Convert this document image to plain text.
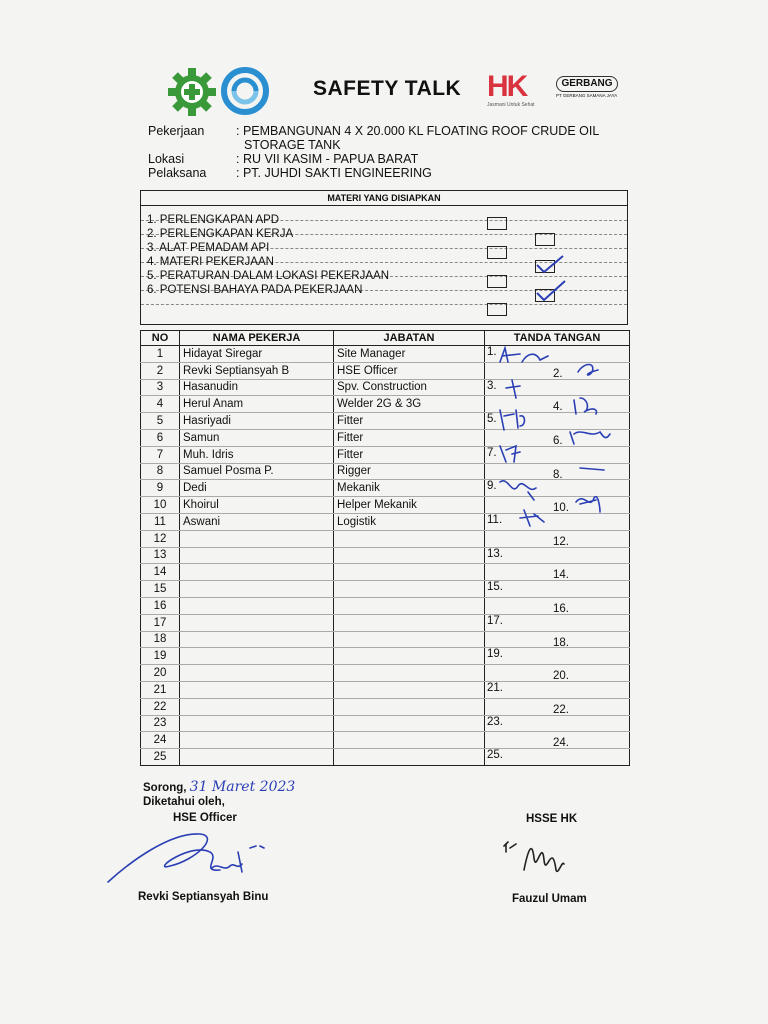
SAFETY TALK HK
Jasmani Untuk Sehat
GERBANG
PT GERBANG SAMANA JAYA
Pekerjaan	: PEMBANGUNAN 4 X 20.000 KL FLOATING ROOF CRUDE OIL
STORAGE TANK
Lokasi	: RU VII KASIM - PAPUA BARAT
Pelaksana : PT. JUHDI SAKTI ENGINEERING
MATERI YANG DISIAPKAN
1. PERLENGKAPAN APD
2. PERLENGKAPAN KERJA
3. ALAT PEMADAM API
4. MATERI PEKERJAAN
5. PERATURAN DALAM LOKASI PEKERJAAN
6. POTENSI BAHAYA PADA PEKERJAAN
NO	NAMA PEKERJA	JABATAN	TANDA TANGAN
1	Hidayat Siregar	Site Manager	1.

2	Revki Septiansyah B	HSE Officer	2.

3	Hasanudin	Spv. Construction	3.

4	Herul Anam	Welder 2G & 3G	4.

5	Hasriyadi	Fitter	5.

6	Samun	Fitter	6.

7	Muh. Idris	Fitter	7.

8	Samuel Posma P.	Rigger	8.

9	Dedi	Mekanik	9.

10	Khoirul	Helper Mekanik	10.

11	Aswani	Logistik	11.

12			12.

13			13.

14			14.

15			15.

16			16.

17			17.

18			18.

19			19.

20			20.

21			21.

22			22.

23			23.

24			24.

25			25.
Sorong, 31 Maret 2023
Diketahui oleh,
HSE Officer	HSSE HK
Revki Septiansyah Binu	Fauzul Umam
